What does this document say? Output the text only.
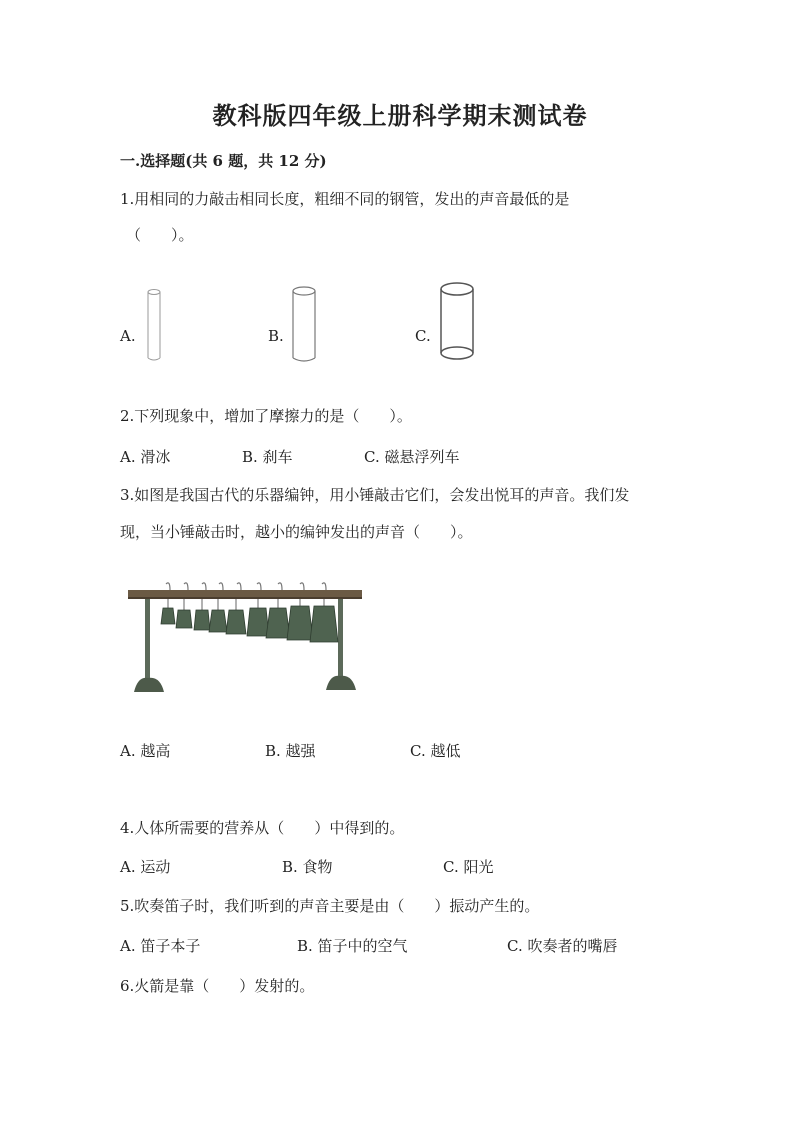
教科版四年级上册科学期末测试卷
一.选择题(共 6 题，共 12 分)
1.用相同的力敲击相同长度，粗细不同的钢管，发出的声音最低的是
（　　）。
A.	B.	C.
2.下列现象中，增加了摩擦力的是（　　）。
A. 滑冰	B. 刹车	C. 磁悬浮列车
3.如图是我国古代的乐器编钟，用小锤敲击它们，会发出悦耳的声音。我们发
现，当小锤敲击时，越小的编钟发出的声音（　　）。
A. 越高	B. 越强	C. 越低
4.人体所需要的营养从（　　）中得到的。
A. 运动	B. 食物	C. 阳光
5.吹奏笛子时，我们听到的声音主要是由（　　）振动产生的。
A. 笛子本子	B. 笛子中的空气	C. 吹奏者的嘴唇
6.火箭是靠（　　）发射的。
